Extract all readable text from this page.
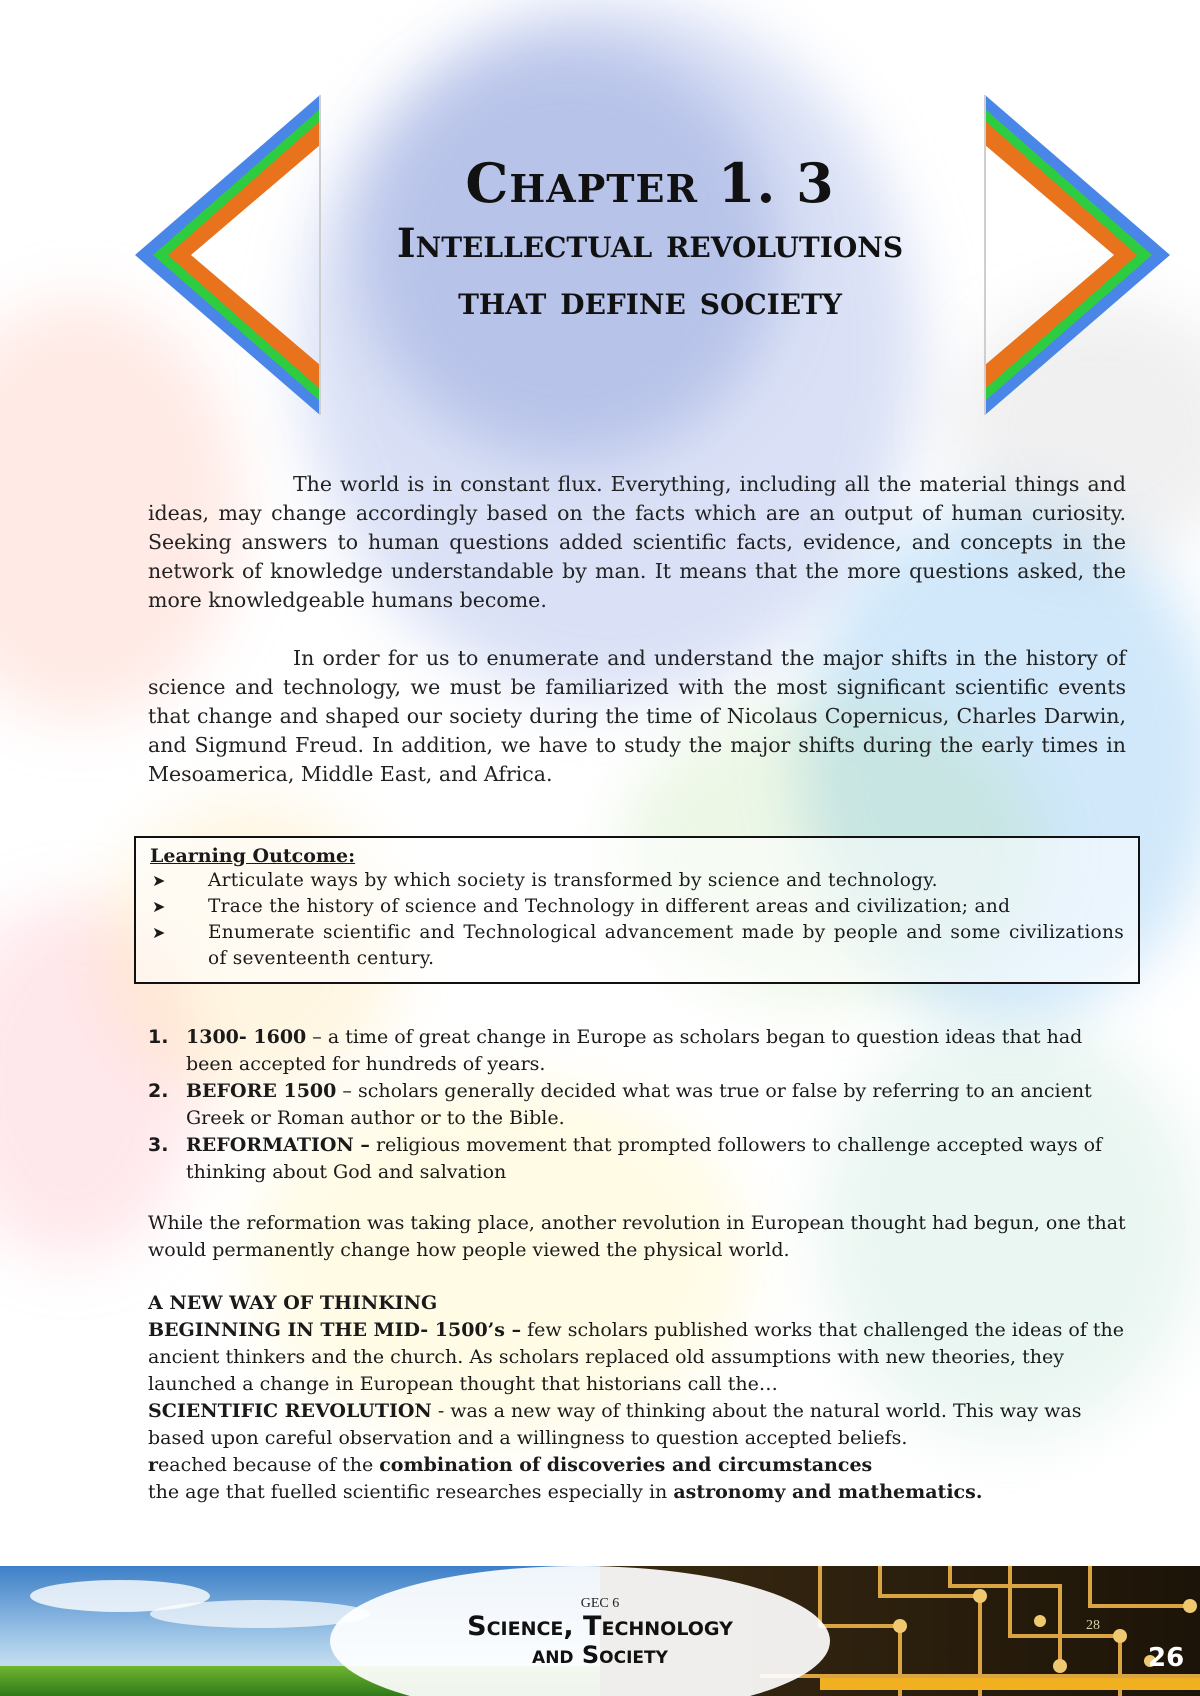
Chapter 1. 3
Intellectual revolutions
that define society
The world is in constant flux. Everything, including all the material things and ideas, may change accordingly based on the facts which are an output of human curiosity. Seeking answers to human questions added scientific facts, evidence, and concepts in the network of knowledge understandable by man. It means that the more questions asked, the more knowledgeable humans become.
In order for us to enumerate and understand the major shifts in the history of science and technology, we must be familiarized with the most significant scientific events that change and shaped our society during the time of Nicolaus Copernicus, Charles Darwin, and Sigmund Freud. In addition, we have to study the major shifts during the early times in Mesoamerica, Middle East, and Africa.
Learning Outcome:
➤ Articulate ways by which society is transformed by science and technology.
➤ Trace the history of science and Technology in different areas and civilization; and
➤ Enumerate scientific and Technological advancement made by people and some civilizations of seventeenth century.
1. 1300- 1600 – a time of great change in Europe as scholars began to question ideas that had been accepted for hundreds of years.
2. BEFORE 1500 – scholars generally decided what was true or false by referring to an ancient Greek or Roman author or to the Bible.
3. REFORMATION – religious movement that prompted followers to challenge accepted ways of thinking about God and salvation
While the reformation was taking place, another revolution in European thought had begun, one that would permanently change how people viewed the physical world.
A NEW WAY OF THINKING
BEGINNING IN THE MID- 1500’s – few scholars published works that challenged the ideas of the ancient thinkers and the church. As scholars replaced old assumptions with new theories, they launched a change in European thought that historians call the…
SCIENTIFIC REVOLUTION - was a new way of thinking about the natural world. This way was based upon careful observation and a willingness to question accepted beliefs.
reached because of the combination of discoveries and circumstances
the age that fuelled scientific researches especially in astronomy and mathematics.
GEC 6
Science, Technology
and Society
28
26
